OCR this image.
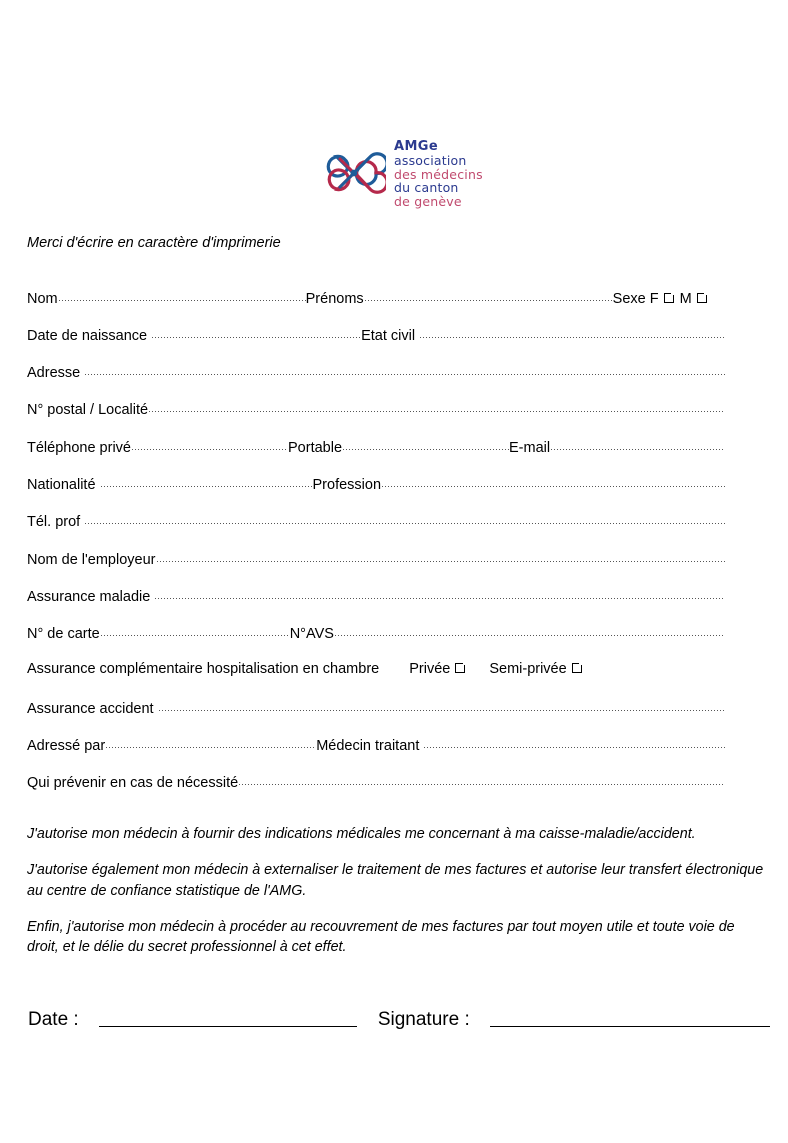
AMGe
association
des médecins
du canton
de genève
Merci d'écrire en caractère d'imprimerie
Nom	Prénoms	Sexe F M
Date de naissance	Etat civil
Adresse
N° postal / Localité
Téléphone privé	Portable	E-mail
Nationalité	Profession
Tél. prof
Nom de l'employeur
Assurance maladie
N° de carte	N°AVS
Assurance complémentaire hospitalisation en chambre Privée	Semi-privée
Assurance accident
Adressé par	Médecin traitant
Qui prévenir en cas de nécessité

J'autorise mon médecin à fournir des indications médicales me concernant à ma caisse-maladie/accident.

J'autorise également mon médecin à externaliser le traitement de mes factures et autorise leur transfert électronique au centre de confiance statistique de l'AMG.

Enfin, j'autorise mon médecin à procéder au recouvrement de mes factures par tout moyen utile et toute voie de droit, et le délie du secret professionnel à cet effet.

Date :	Signature :
